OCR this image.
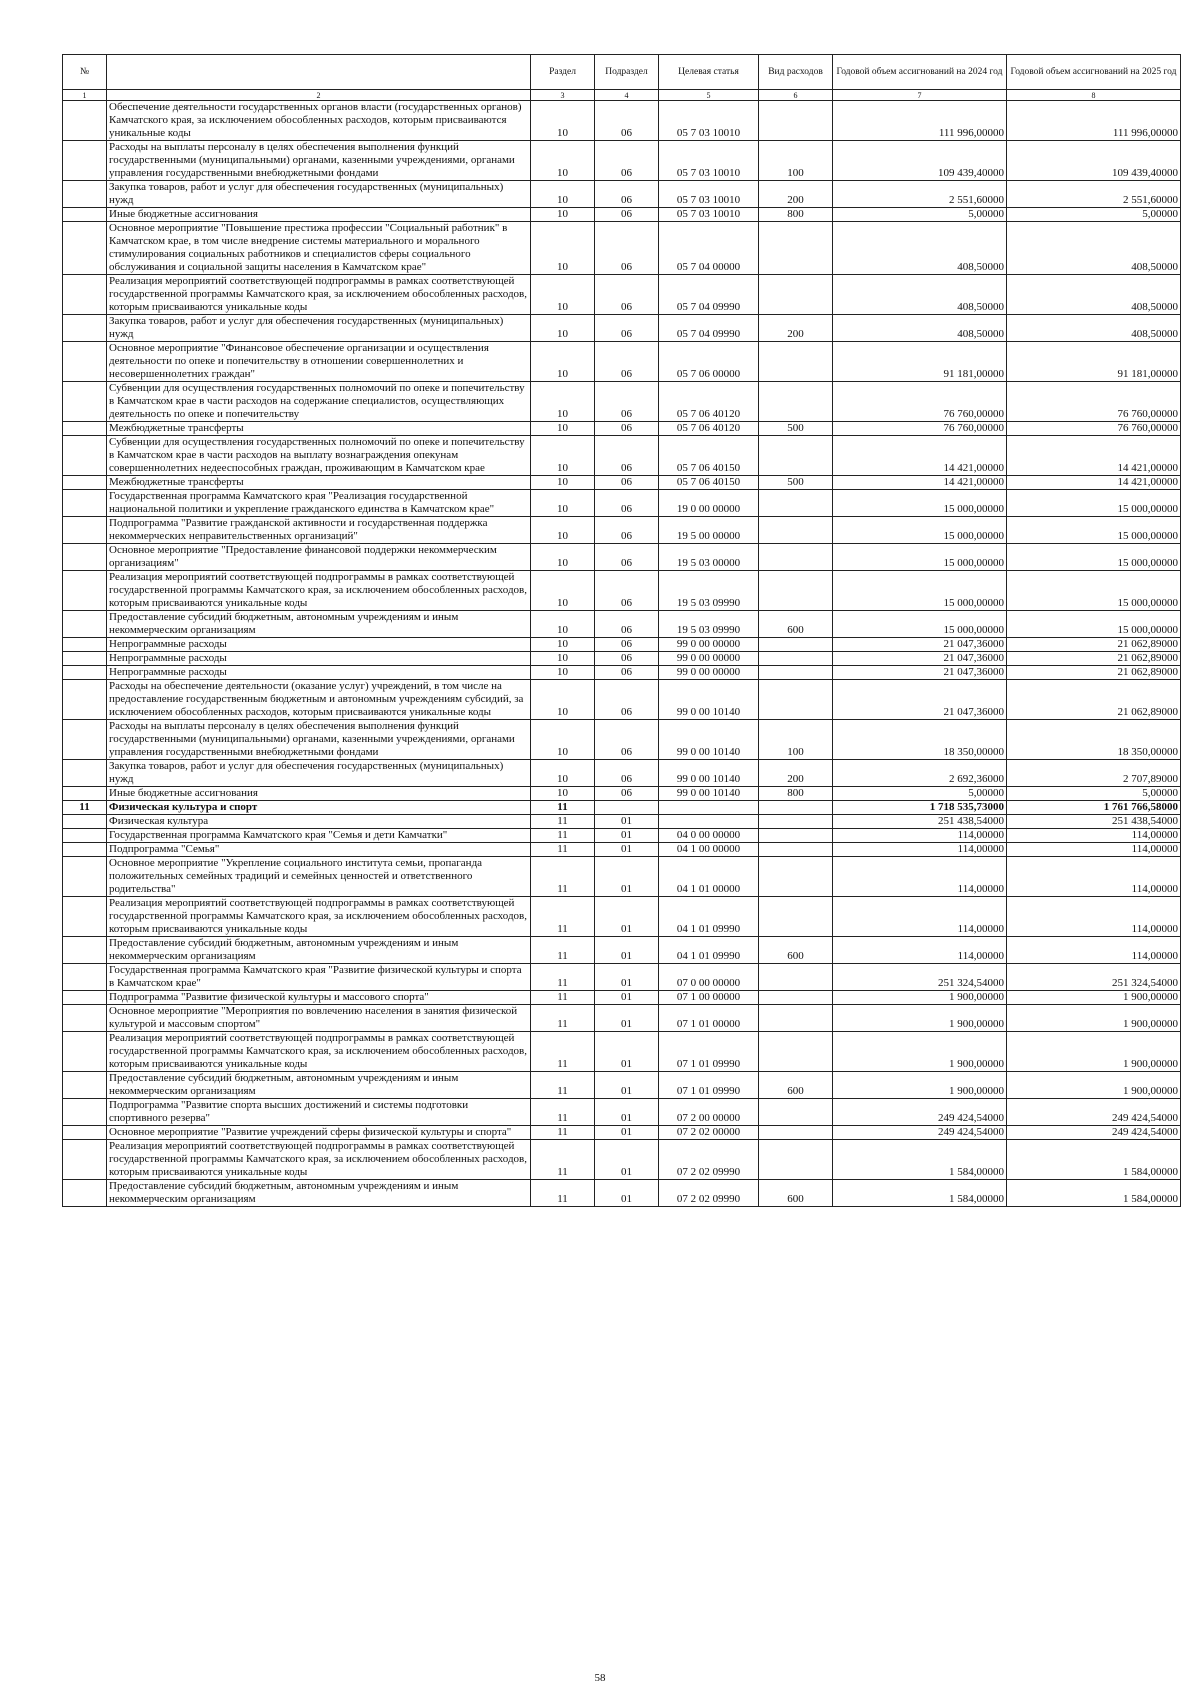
№		Раздел	Подраздел	Целевая статья	Вид расходов	Годовой объем ассигнований на 2024 год	Годовой объем ассигнований на 2025 год
1	2	3	4	5	6	7	8
	Обеспечение деятельности государственных органов власти (государственных органов) Камчатского края, за исключением обособленных расходов, которым присваиваются уникальные коды	10	06	05 7 03 10010		111 996,00000	111 996,00000
	Расходы на выплаты персоналу в целях обеспечения выполнения функций государственными (муниципальными) органами, казенными учреждениями, органами управления государственными внебюджетными фондами	10	06	05 7 03 10010	100	109 439,40000	109 439,40000
	Закупка товаров, работ и услуг для обеспечения государственных (муниципальных) нужд	10	06	05 7 03 10010	200	2 551,60000	2 551,60000
	Иные бюджетные ассигнования	10	06	05 7 03 10010	800	5,00000	5,00000
	Основное мероприятие "Повышение престижа профессии "Социальный работник" в Камчатском крае, в том числе внедрение системы материального и морального стимулирования социальных работников и специалистов сферы социального обслуживания и социальной защиты населения в Камчатском крае"	10	06	05 7 04 00000		408,50000	408,50000
	Реализация мероприятий соответствующей подпрограммы в рамках соответствующей государственной программы Камчатского края, за исключением обособленных расходов, которым присваиваются уникальные коды	10	06	05 7 04 09990		408,50000	408,50000
	Закупка товаров, работ и услуг для обеспечения государственных (муниципальных) нужд	10	06	05 7 04 09990	200	408,50000	408,50000
	Основное мероприятие "Финансовое обеспечение организации и осуществления деятельности по опеке и попечительству в отношении совершеннолетних и несовершеннолетних граждан"	10	06	05 7 06 00000		91 181,00000	91 181,00000
	Субвенции для осуществления государственных полномочий по опеке и попечительству в Камчатском крае в части расходов на содержание специалистов, осуществляющих деятельность по опеке и попечительству	10	06	05 7 06 40120		76 760,00000	76 760,00000
	Межбюджетные трансферты	10	06	05 7 06 40120	500	76 760,00000	76 760,00000
	Субвенции для осуществления государственных полномочий по опеке и попечительству в Камчатском крае в части расходов на выплату вознаграждения опекунам совершеннолетних недееспособных граждан, проживающим в Камчатском крае	10	06	05 7 06 40150		14 421,00000	14 421,00000
	Межбюджетные трансферты	10	06	05 7 06 40150	500	14 421,00000	14 421,00000
	Государственная программа Камчатского края "Реализация государственной национальной политики и укрепление гражданского единства в Камчатском крае"	10	06	19 0 00 00000		15 000,00000	15 000,00000
	Подпрограмма "Развитие гражданской активности и государственная поддержка некоммерческих неправительственных организаций"	10	06	19 5 00 00000		15 000,00000	15 000,00000
	Основное мероприятие "Предоставление финансовой поддержки некоммерческим организациям"	10	06	19 5 03 00000		15 000,00000	15 000,00000
	Реализация мероприятий соответствующей подпрограммы в рамках соответствующей государственной программы Камчатского края, за исключением обособленных расходов, которым присваиваются уникальные коды	10	06	19 5 03 09990		15 000,00000	15 000,00000
	Предоставление субсидий бюджетным, автономным учреждениям и иным некоммерческим организациям	10	06	19 5 03 09990	600	15 000,00000	15 000,00000
	Непрограммные расходы	10	06	99 0 00 00000		21 047,36000	21 062,89000
	Непрограммные расходы	10	06	99 0 00 00000		21 047,36000	21 062,89000
	Непрограммные расходы	10	06	99 0 00 00000		21 047,36000	21 062,89000
	Расходы на обеспечение деятельности (оказание услуг) учреждений, в том числе на предоставление государственным бюджетным и автономным учреждениям субсидий, за исключением обособленных расходов, которым присваиваются уникальные коды	10	06	99 0 00 10140		21 047,36000	21 062,89000
	Расходы на выплаты персоналу в целях обеспечения выполнения функций государственными (муниципальными) органами, казенными учреждениями, органами управления государственными внебюджетными фондами	10	06	99 0 00 10140	100	18 350,00000	18 350,00000
	Закупка товаров, работ и услуг для обеспечения государственных (муниципальных) нужд	10	06	99 0 00 10140	200	2 692,36000	2 707,89000
	Иные бюджетные ассигнования	10	06	99 0 00 10140	800	5,00000	5,00000
11	Физическая культура и спорт	11				1 718 535,73000	1 761 766,58000
	Физическая культура	11	01			251 438,54000	251 438,54000
	Государственная программа Камчатского края "Семья и дети Камчатки"	11	01	04 0 00 00000		114,00000	114,00000
	Подпрограмма "Семья"	11	01	04 1 00 00000		114,00000	114,00000
	Основное мероприятие "Укрепление социального института семьи, пропаганда положительных семейных традиций и семейных ценностей и ответственного родительства"	11	01	04 1 01 00000		114,00000	114,00000
	Реализация мероприятий соответствующей подпрограммы в рамках соответствующей государственной программы Камчатского края, за исключением обособленных расходов, которым присваиваются уникальные коды	11	01	04 1 01 09990		114,00000	114,00000
	Предоставление субсидий бюджетным, автономным учреждениям и иным некоммерческим организациям	11	01	04 1 01 09990	600	114,00000	114,00000
	Государственная программа Камчатского края "Развитие физической культуры и спорта в Камчатском крае"	11	01	07 0 00 00000		251 324,54000	251 324,54000
	Подпрограмма "Развитие физической культуры и массового спорта"	11	01	07 1 00 00000		1 900,00000	1 900,00000
	Основное мероприятие "Мероприятия по вовлечению населения в занятия физической культурой и массовым спортом"	11	01	07 1 01 00000		1 900,00000	1 900,00000
	Реализация мероприятий соответствующей подпрограммы в рамках соответствующей государственной программы Камчатского края, за исключением обособленных расходов, которым присваиваются уникальные коды	11	01	07 1 01 09990		1 900,00000	1 900,00000
	Предоставление субсидий бюджетным, автономным учреждениям и иным некоммерческим организациям	11	01	07 1 01 09990	600	1 900,00000	1 900,00000
	Подпрограмма "Развитие спорта высших достижений и системы подготовки спортивного резерва"	11	01	07 2 00 00000		249 424,54000	249 424,54000
	Основное мероприятие "Развитие учреждений сферы физической культуры и спорта"	11	01	07 2 02 00000		249 424,54000	249 424,54000
	Реализация мероприятий соответствующей подпрограммы в рамках соответствующей государственной программы Камчатского края, за исключением обособленных расходов, которым присваиваются уникальные коды	11	01	07 2 02 09990		1 584,00000	1 584,00000
	Предоставление субсидий бюджетным, автономным учреждениям и иным некоммерческим организациям	11	01	07 2 02 09990	600	1 584,00000	1 584,00000
58
